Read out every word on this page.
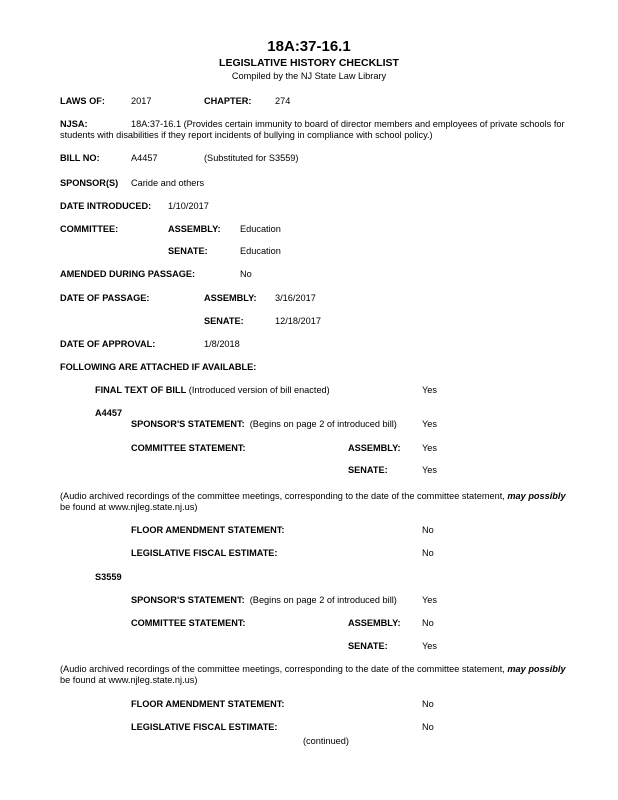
18A:37-16.1
LEGISLATIVE HISTORY CHECKLIST
Compiled by the NJ State Law Library
LAWS OF:	2017	CHAPTER:	274
NJSA:	18A:37-16.1 (Provides certain immunity to board of director members and employees of private schools for
students with disabilities if they report incidents of bullying in compliance with school policy.)
BILL NO:	A4457	(Substituted for S3559)
SPONSOR(S) Caride and others
DATE INTRODUCED: 1/10/2017
COMMITTEE:	ASSEMBLY: Education
SENATE:	Education
AMENDED DURING PASSAGE:	No
DATE OF PASSAGE:	ASSEMBLY: 3/16/2017
SENATE:	12/18/2017
DATE OF APPROVAL:	1/8/2018
FOLLOWING ARE ATTACHED IF AVAILABLE:
FINAL TEXT OF BILL (Introduced version of bill enacted)	Yes
A4457
SPONSOR'S STATEMENT: (Begins on page 2 of introduced bill)	Yes
COMMITTEE STATEMENT:	ASSEMBLY: Yes
SENATE:	Yes
(Audio archived recordings of the committee meetings, corresponding to the date of the committee statement, may possibly
be found at www.njleg.state.nj.us)
FLOOR AMENDMENT STATEMENT:	No
LEGISLATIVE FISCAL ESTIMATE:	No
S3559
SPONSOR'S STATEMENT: (Begins on page 2 of introduced bill)	Yes
COMMITTEE STATEMENT:	ASSEMBLY: No
SENATE:	Yes
(Audio archived recordings of the committee meetings, corresponding to the date of the committee statement, may possibly
be found at www.njleg.state.nj.us)
FLOOR AMENDMENT STATEMENT:	No
LEGISLATIVE FISCAL ESTIMATE:	No
(continued)
